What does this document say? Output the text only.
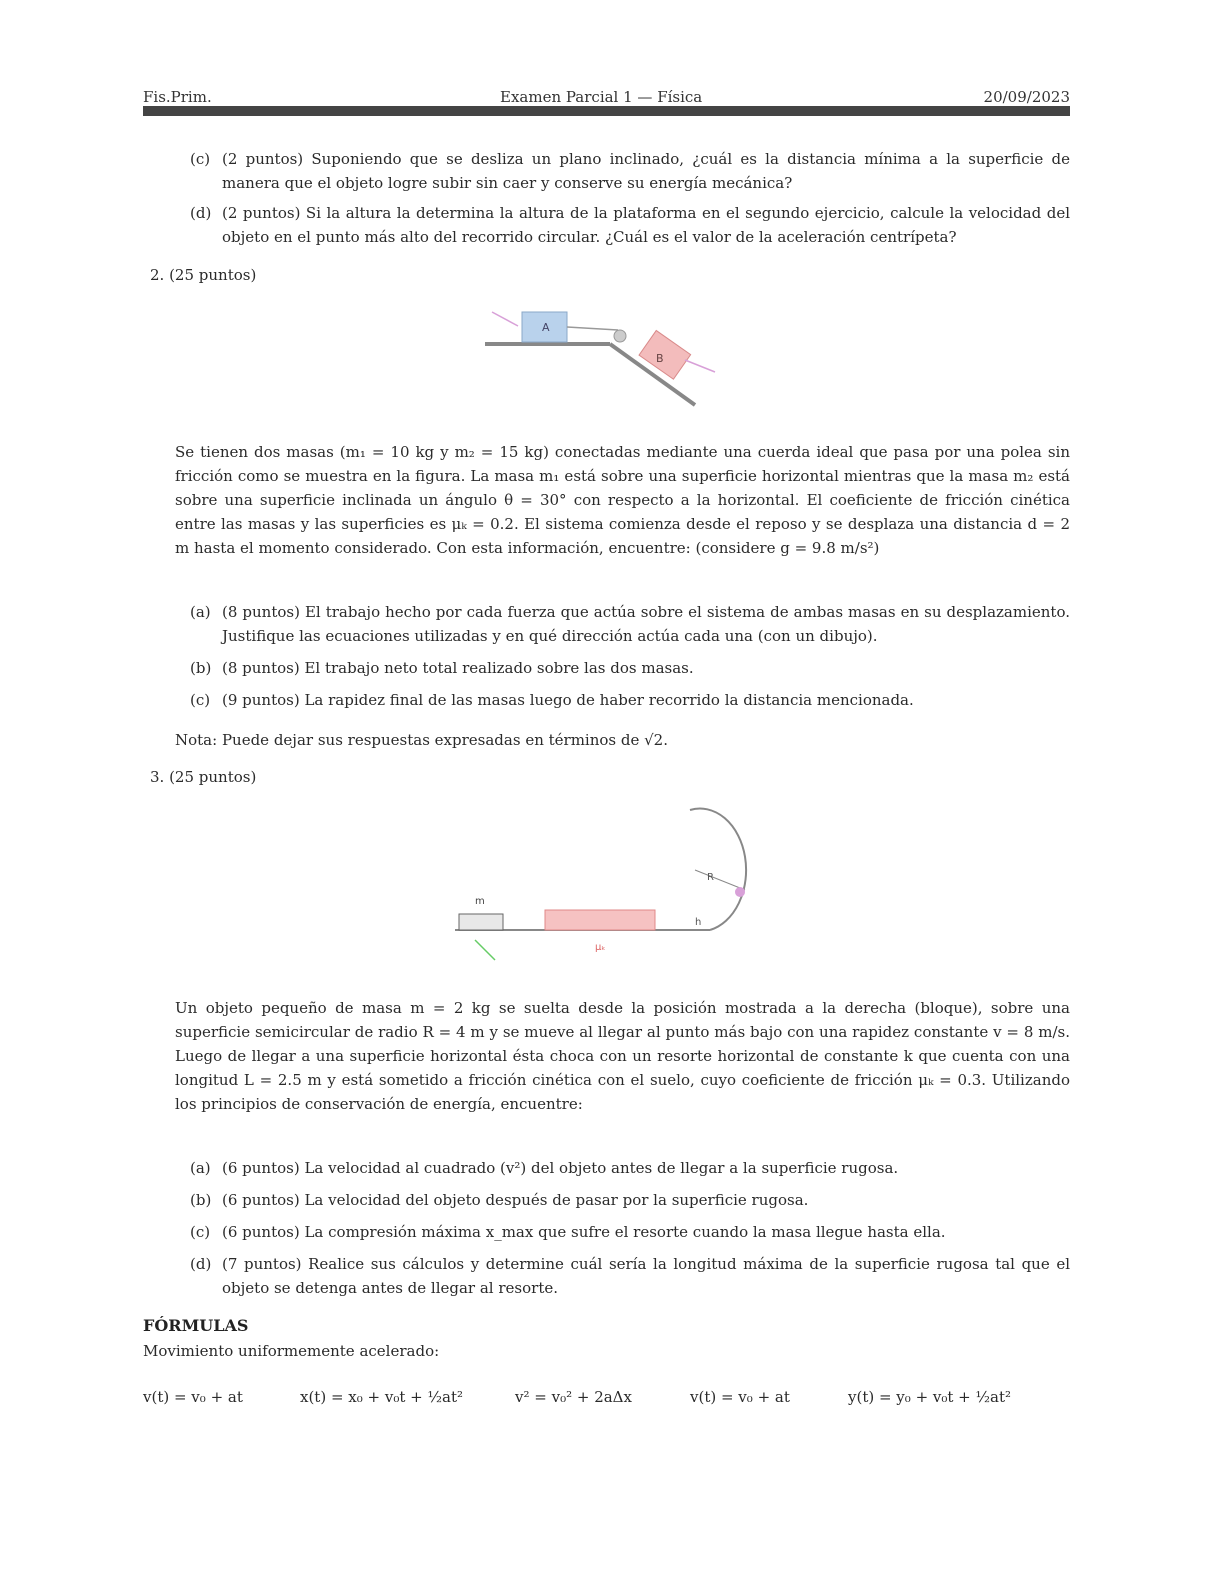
Fis.Prim.	Examen Parcial 1 — Física	20/09/2023
(c) (2 puntos) Suponiendo que se desliza un plano inclinado, ¿cuál es la distancia mínima a la superficie de manera que el objeto logre subir sin caer y conserve su energía mecánica?
(d) (2 puntos) Si la altura la determina la altura de la plataforma en el segundo ejercicio, calcule la velocidad del objeto en el punto más alto del recorrido circular. ¿Cuál es el valor de la aceleración centrípeta?
2. (25 puntos)
A
B
Se tienen dos masas (m₁ = 10 kg y m₂ = 15 kg) conectadas mediante una cuerda ideal que pasa por una polea sin fricción como se muestra en la figura. La masa m₁ está sobre una superficie horizontal mientras que la masa m₂ está sobre una superficie inclinada un ángulo θ = 30° con respecto a la horizontal. El coeficiente de fricción cinética entre las masas y las superficies es μₖ = 0.2. El sistema comienza desde el reposo y se desplaza una distancia d = 2 m hasta el momento considerado. Con esta información, encuentre: (considere g = 9.8 m/s²)
(a) (8 puntos) El trabajo hecho por cada fuerza que actúa sobre el sistema de ambas masas en su desplazamiento. Justifique las ecuaciones utilizadas y en qué dirección actúa cada una (con un dibujo).
(b) (8 puntos) El trabajo neto total realizado sobre las dos masas.
(c) (9 puntos) La rapidez final de las masas luego de haber recorrido la distancia mencionada.
Nota: Puede dejar sus respuestas expresadas en términos de √2.
3. (25 puntos)
μₖ
m
R
h
Un objeto pequeño de masa m = 2 kg se suelta desde la posición mostrada a la derecha (bloque), sobre una superficie semicircular de radio R = 4 m y se mueve al llegar al punto más bajo con una rapidez constante v = 8 m/s. Luego de llegar a una superficie horizontal ésta choca con un resorte horizontal de constante k que cuenta con una longitud L = 2.5 m y está sometido a fricción cinética con el suelo, cuyo coeficiente de fricción μₖ = 0.3. Utilizando los principios de conservación de energía, encuentre:
(a) (6 puntos) La velocidad al cuadrado (v²) del objeto antes de llegar a la superficie rugosa.
(b) (6 puntos) La velocidad del objeto después de pasar por la superficie rugosa.
(c) (6 puntos) La compresión máxima x_max que sufre el resorte cuando la masa llegue hasta ella.
(d) (7 puntos) Realice sus cálculos y determine cuál sería la longitud máxima de la superficie rugosa tal que el objeto se detenga antes de llegar al resorte.
FÓRMULAS
Movimiento uniformemente acelerado:
v(t) = v₀ + at	x(t) = x₀ + v₀t + ½at²	v² = v₀² + 2aΔx	v(t) = v₀ + at	y(t) = y₀ + v₀t + ½at²
